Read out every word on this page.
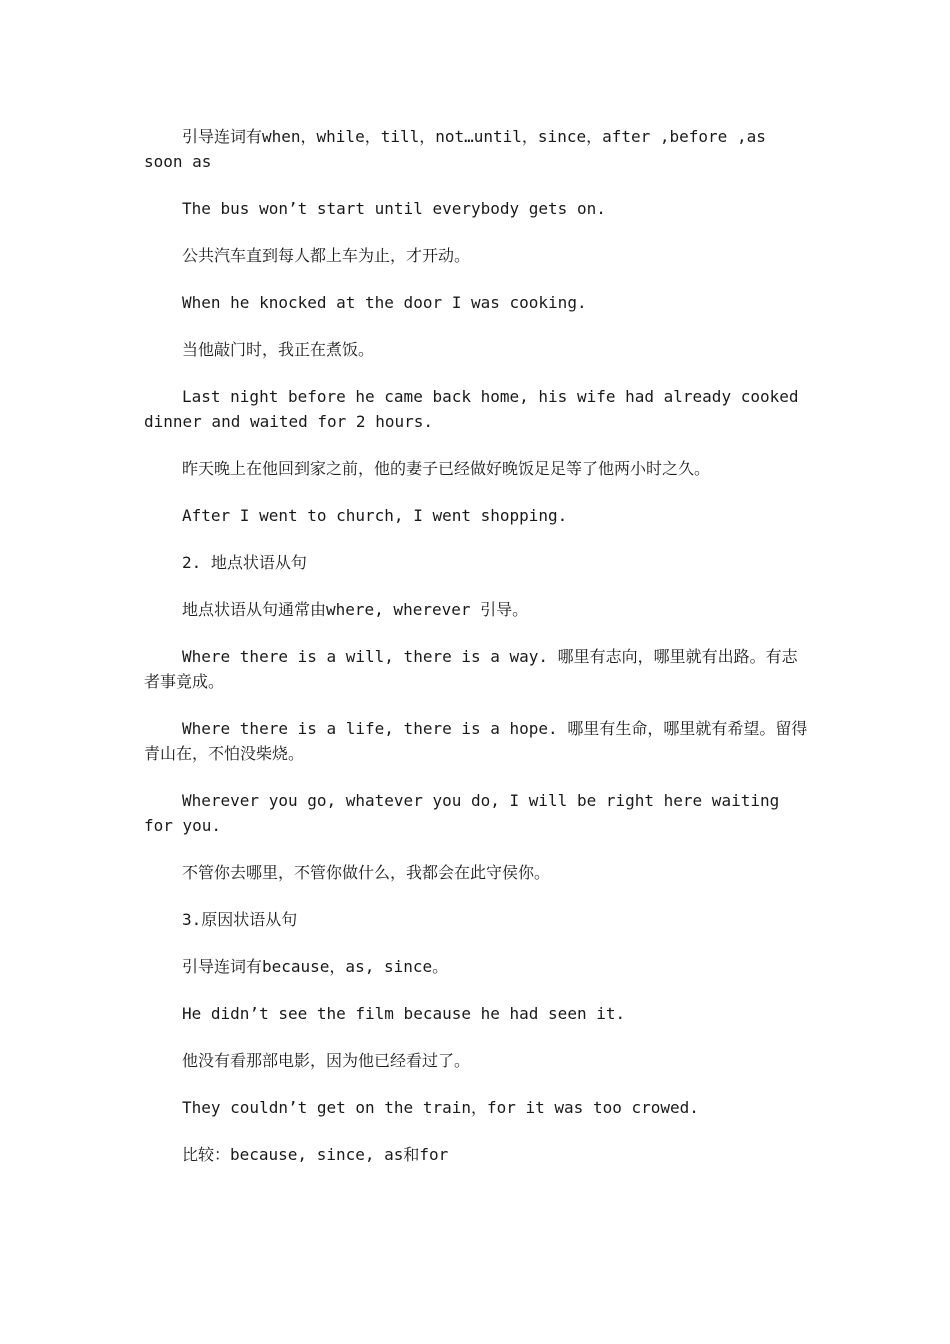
引导连词有when，while，till，not…until，since，after ,before ,as soon as

The bus won’t start until everybody gets on.

公共汽车直到每人都上车为止，才开动。

When he knocked at the door I was cooking.

当他敲门时，我正在煮饭。

Last night before he came back home, his wife had already cooked dinner and waited for 2 hours.

昨天晚上在他回到家之前，他的妻子已经做好晚饭足足等了他两小时之久。

After I went to church, I went shopping.

2. 地点状语从句

地点状语从句通常由where, wherever 引导。

Where there is a will, there is a way. 哪里有志向，哪里就有出路。有志者事竟成。

Where there is a life, there is a hope. 哪里有生命，哪里就有希望。留得青山在，不怕没柴烧。

Wherever you go, whatever you do, I will be right here waiting for you.

不管你去哪里，不管你做什么，我都会在此守侯你。

3.原因状语从句

引导连词有because，as, since。

He didn’t see the film because he had seen it.

他没有看那部电影，因为他已经看过了。

They couldn’t get on the train，for it was too crowed.

比较：because, since, as和for
